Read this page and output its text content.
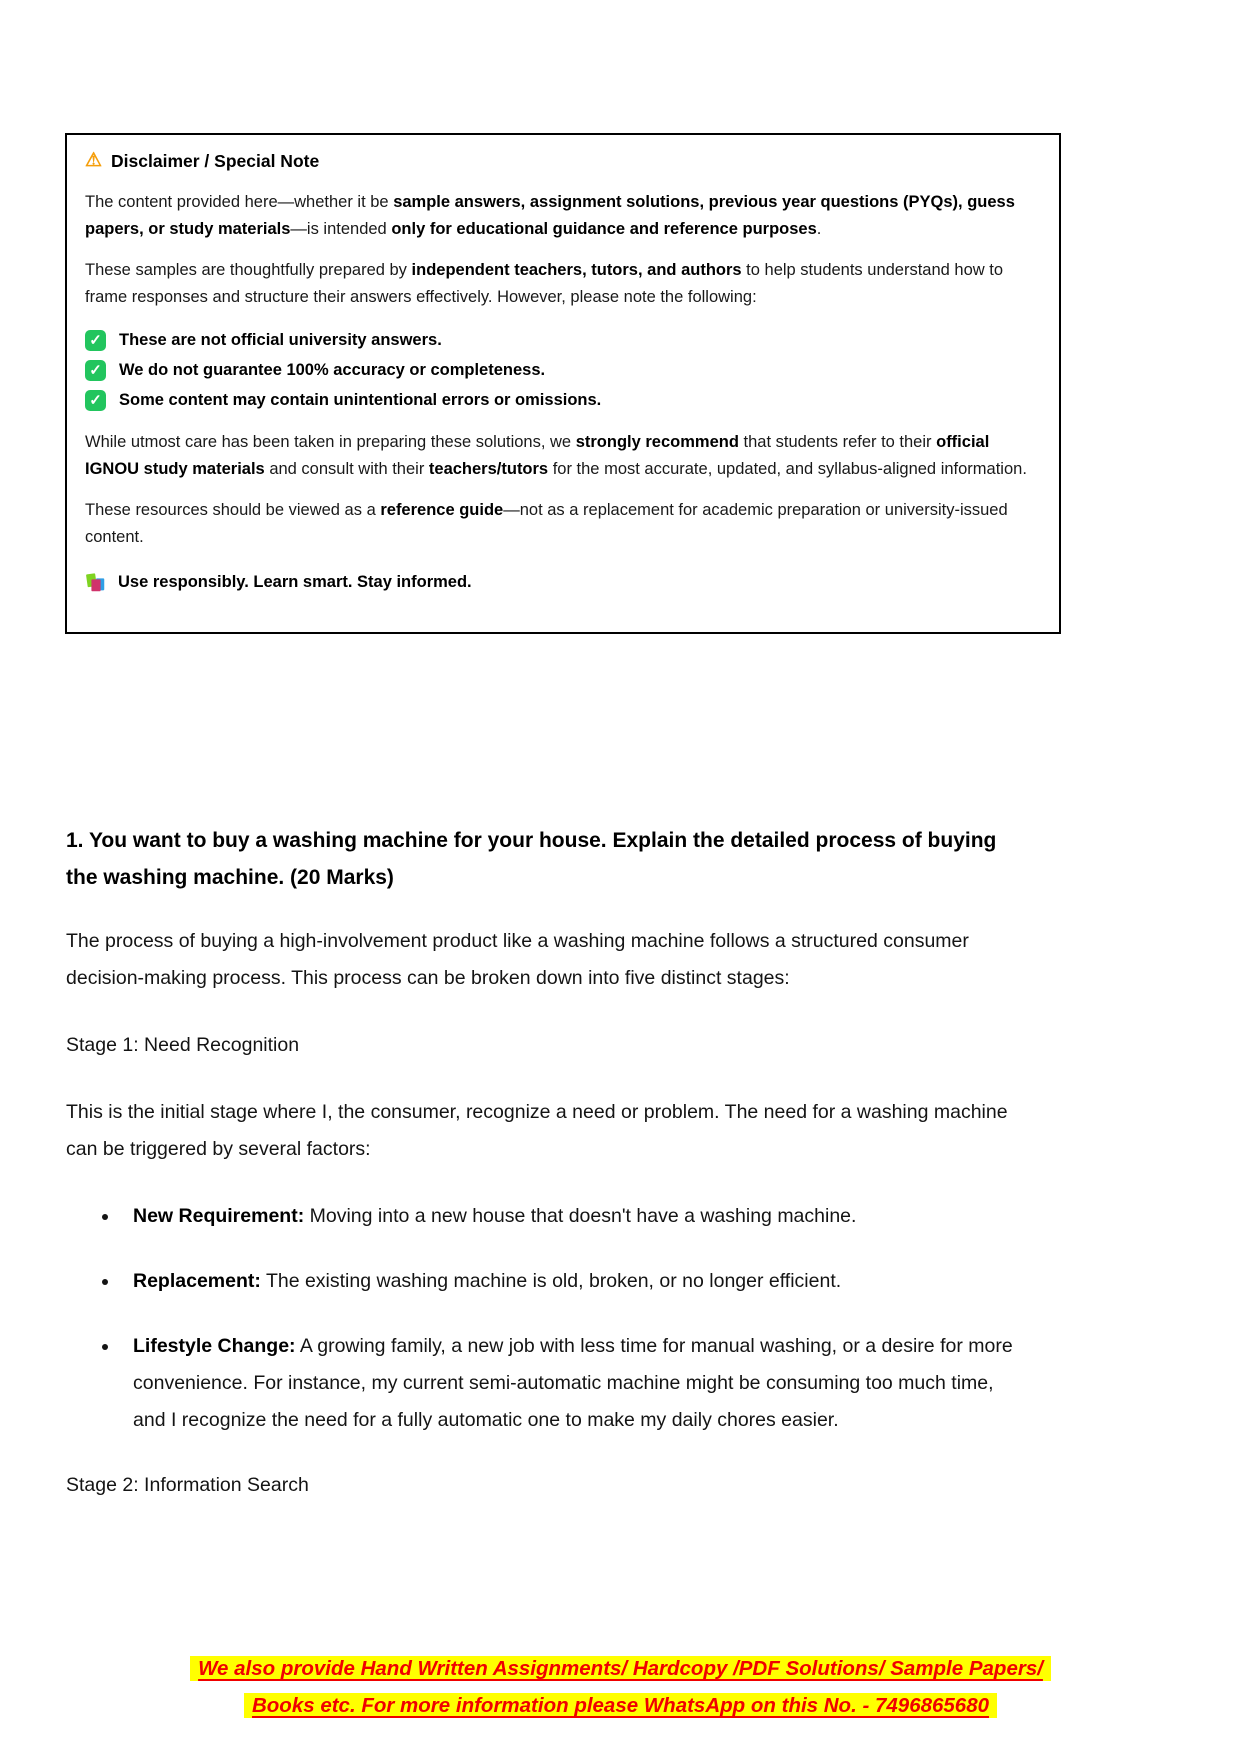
⚠ Disclaimer / Special Note
The content provided here—whether it be sample answers, assignment solutions, previous year questions (PYQs), guess papers, or study materials—is intended only for educational guidance and reference purposes.
These samples are thoughtfully prepared by independent teachers, tutors, and authors to help students understand how to frame responses and structure their answers effectively. However, please note the following:
✓ These are not official university answers.
✓ We do not guarantee 100% accuracy or completeness.
✓ Some content may contain unintentional errors or omissions.
While utmost care has been taken in preparing these solutions, we strongly recommend that students refer to their official IGNOU study materials and consult with their teachers/tutors for the most accurate, updated, and syllabus-aligned information.
These resources should be viewed as a reference guide—not as a replacement for academic preparation or university-issued content.
Use responsibly. Learn smart. Stay informed.
1. You want to buy a washing machine for your house. Explain the detailed process of buying the washing machine. (20 Marks)

The process of buying a high-involvement product like a washing machine follows a structured consumer decision-making process. This process can be broken down into five distinct stages:

Stage 1: Need Recognition

This is the initial stage where I, the consumer, recognize a need or problem. The need for a washing machine can be triggered by several factors:

New Requirement: Moving into a new house that doesn't have a washing machine.
Replacement: The existing washing machine is old, broken, or no longer efficient.
Lifestyle Change: A growing family, a new job with less time for manual washing, or a desire for more convenience. For instance, my current semi-automatic machine might be consuming too much time, and I recognize the need for a fully automatic one to make my daily chores easier.

Stage 2: Information Search

We also provide Hand Written Assignments/ Hardcopy /PDF Solutions/ Sample Papers/
Books etc. For more information please WhatsApp on this No. - 7496865680
